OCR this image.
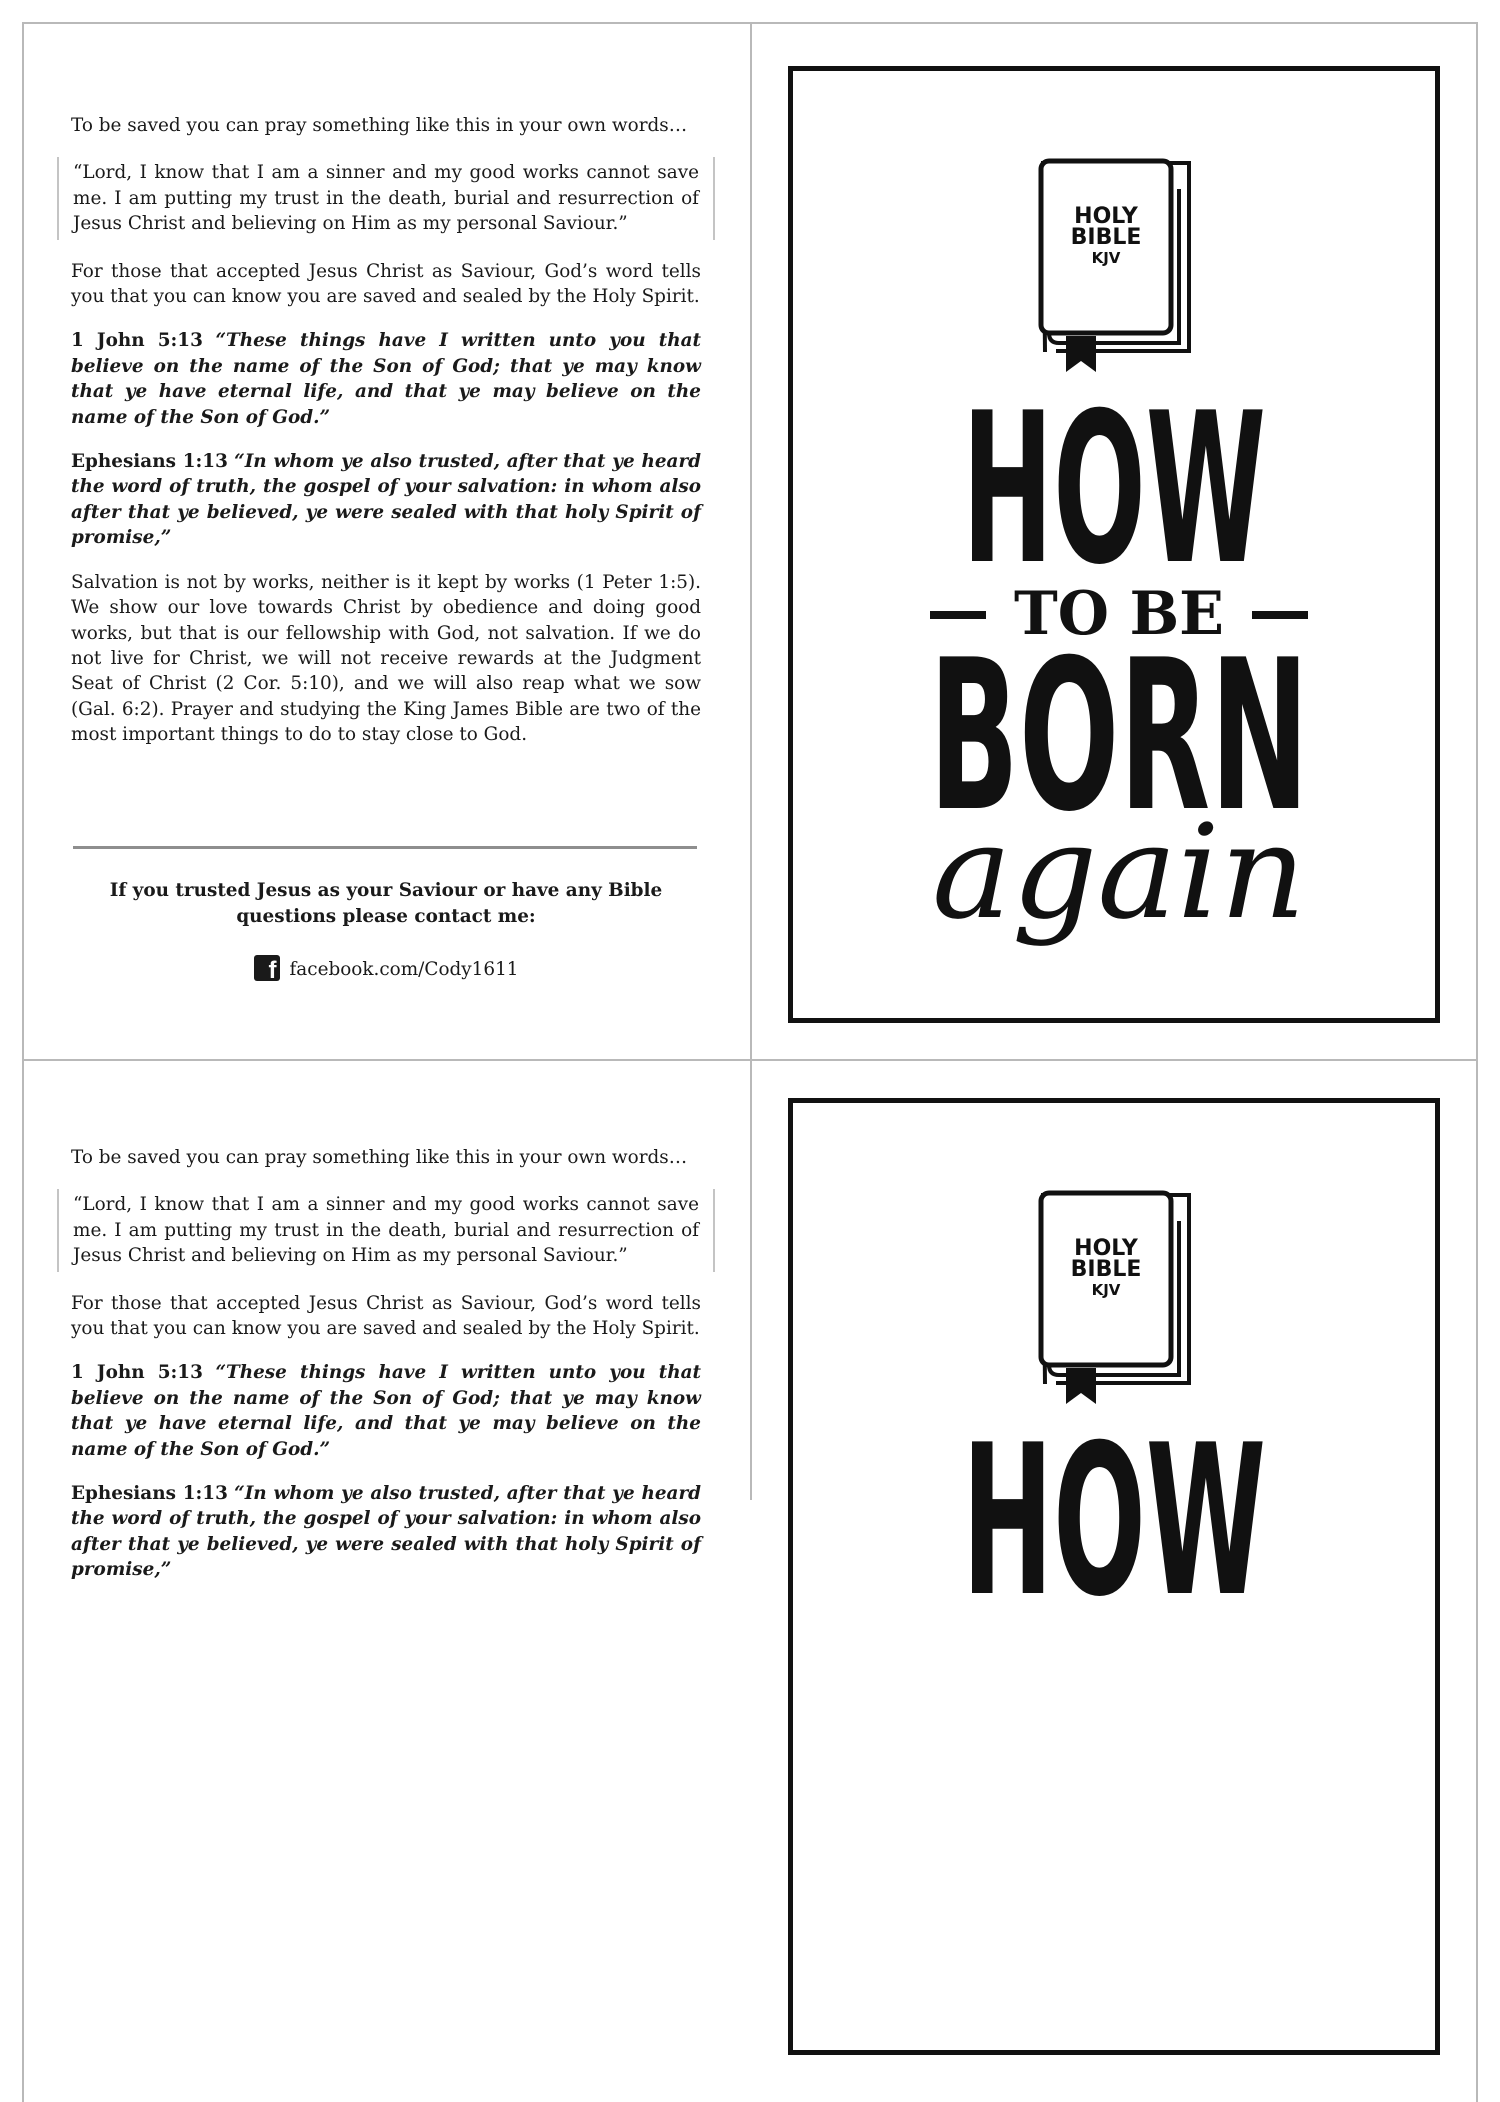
To be saved you can pray something like this in your own words…

“Lord, I know that I am a sinner and my good works cannot save me. I am putting my trust in the death, burial and resurrection of Jesus Christ and believing on Him as my personal Saviour.”

For those that accepted Jesus Christ as Saviour, God’s word tells you that you can know you are saved and sealed by the Holy Spirit.

1 John 5:13 “These things have I written unto you that believe on the name of the Son of God; that ye may know that ye have eternal life, and that ye may believe on the name of the Son of God.”

Ephesians 1:13 “In whom ye also trusted, after that ye heard the word of truth, the gospel of your salvation: in whom also after that ye believed, ye were sealed with that holy Spirit of promise,”

Salvation is not by works, neither is it kept by works (1 Peter 1:5). We show our love towards Christ by obedience and doing good works, but that is our fellowship with God, not salvation. If we do not live for Christ, we will not receive rewards at the Judgment Seat of Christ (2 Cor. 5:10), and we will also reap what we sow (Gal. 6:2). Prayer and studying the King James Bible are two of the most important things to do to stay close to God.

If you trusted Jesus as your Saviour or have any Bible questions please contact me:
ffacebook.com/Cody1611
HOLY
BIBLE
KJV
HOW
TO BE
BORN
again

To be saved you can pray something like this in your own words…

“Lord, I know that I am a sinner and my good works cannot save me. I am putting my trust in the death, burial and resurrection of Jesus Christ and believing on Him as my personal Saviour.”

For those that accepted Jesus Christ as Saviour, God’s word tells you that you can know you are saved and sealed by the Holy Spirit.

1 John 5:13 “These things have I written unto you that believe on the name of the Son of God; that ye may know that ye have eternal life, and that ye may believe on the name of the Son of God.”

Ephesians 1:13 “In whom ye also trusted, after that ye heard the word of truth, the gospel of your salvation: in whom also after that ye believed, ye were sealed with that holy Spirit of promise,”

HOLY
BIBLE
KJV
HOW
